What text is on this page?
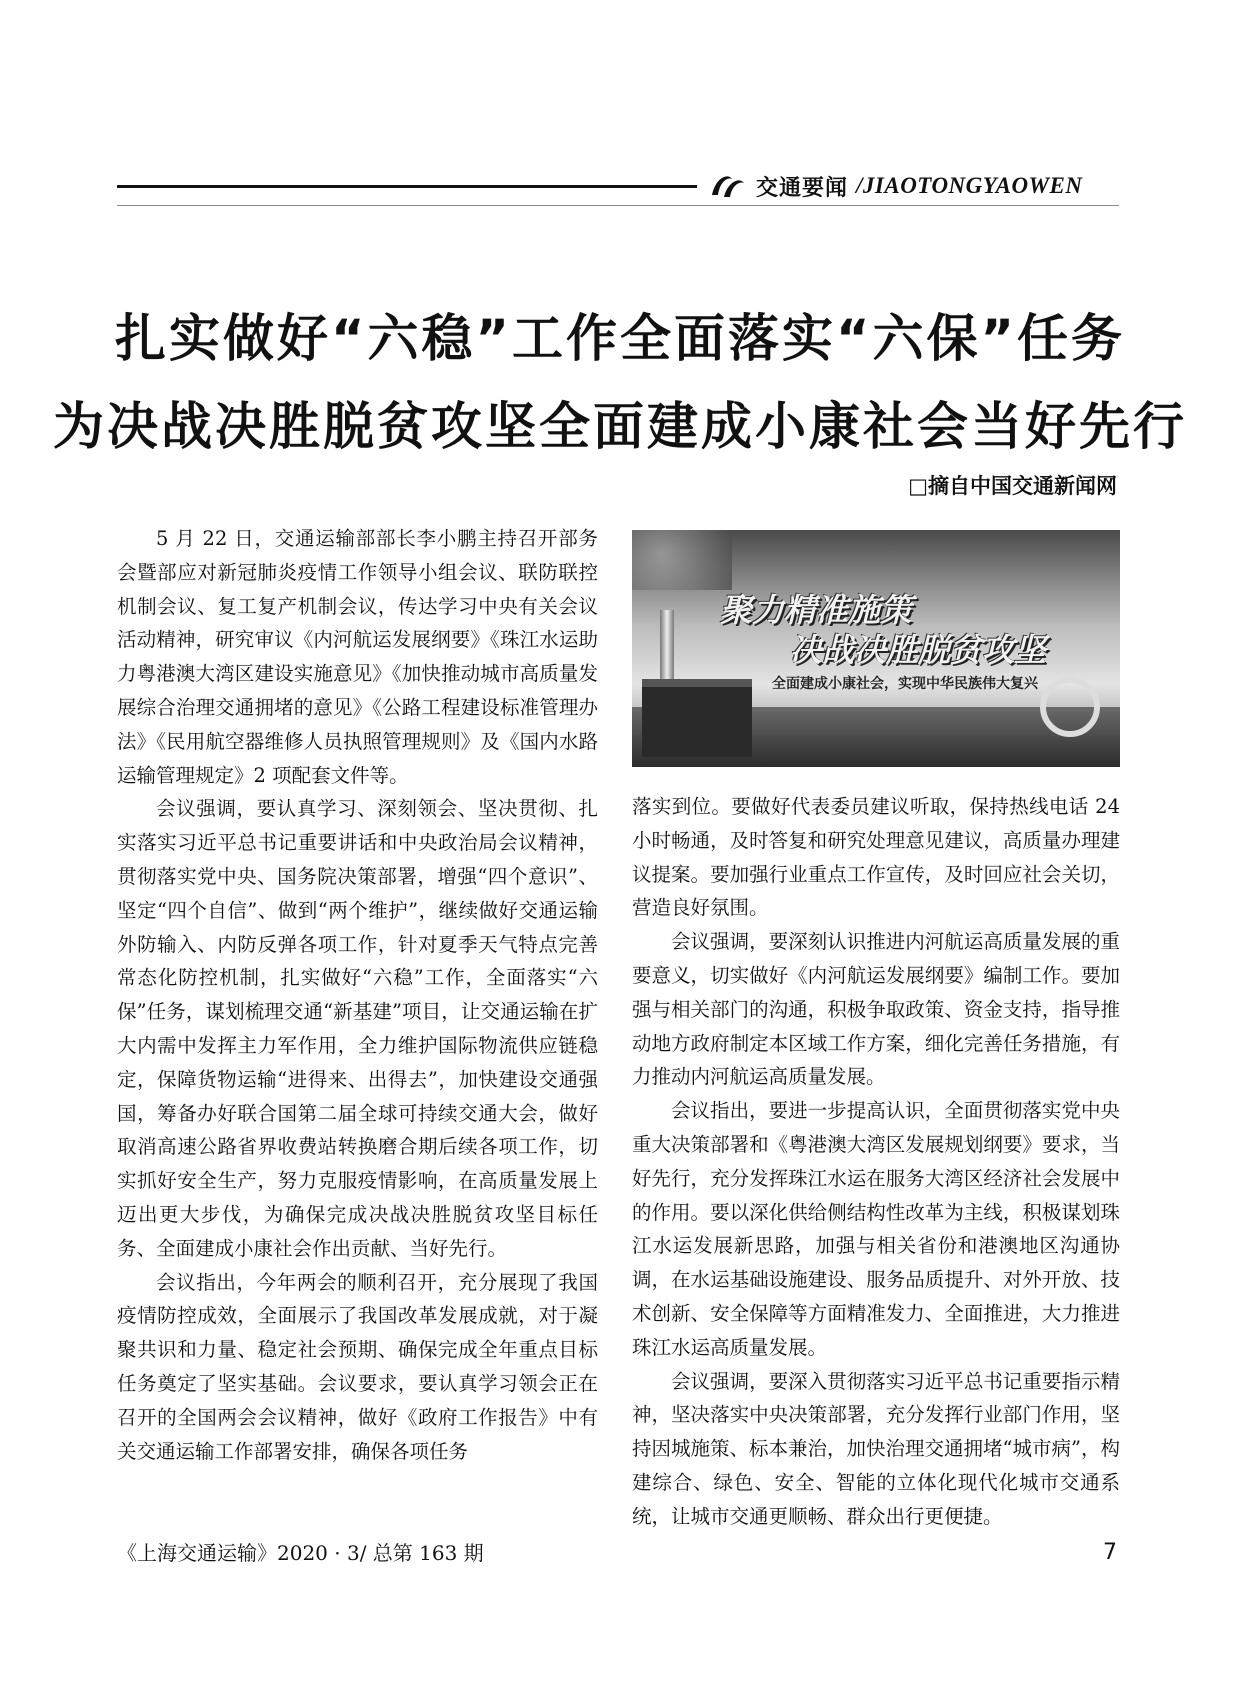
交通要闻 /JIAOTONGYAOWEN
扎实做好“六稳”工作全面落实“六保”任务
为决战决胜脱贫攻坚全面建成小康社会当好先行
□摘自中国交通新闻网

5 月 22 日，交通运输部部长李小鹏主持召开部务会暨部应对新冠肺炎疫情工作领导小组会议、联防联控机制会议、复工复产机制会议，传达学习中央有关会议活动精神，研究审议《内河航运发展纲要》《珠江水运助力粤港澳大湾区建设实施意见》《加快推动城市高质量发展综合治理交通拥堵的意见》《公路工程建设标准管理办法》《民用航空器维修人员执照管理规则》及《国内水路运输管理规定》2 项配套文件等。

会议强调，要认真学习、深刻领会、坚决贯彻、扎实落实习近平总书记重要讲话和中央政治局会议精神，贯彻落实党中央、国务院决策部署，增强“四个意识”、坚定“四个自信”、做到“两个维护”，继续做好交通运输外防输入、内防反弹各项工作，针对夏季天气特点完善常态化防控机制，扎实做好“六稳”工作，全面落实“六保”任务，谋划梳理交通“新基建”项目，让交通运输在扩大内需中发挥主力军作用，全力维护国际物流供应链稳定，保障货物运输“进得来、出得去”，加快建设交通强国，筹备办好联合国第二届全球可持续交通大会，做好取消高速公路省界收费站转换磨合期后续各项工作，切实抓好安全生产，努力克服疫情影响，在高质量发展上迈出更大步伐，为确保完成决战决胜脱贫攻坚目标任务、全面建成小康社会作出贡献、当好先行。

会议指出，今年两会的顺利召开，充分展现了我国疫情防控成效，全面展示了我国改革发展成就，对于凝聚共识和力量、稳定社会预期、确保完成全年重点目标任务奠定了坚实基础。会议要求，要认真学习领会正在召开的全国两会会议精神，做好《政府工作报告》中有关交通运输工作部署安排，确保各项任务

聚力精准施策
决战决胜脱贫攻坚
全面建成小康社会，实现中华民族伟大复兴

落实到位。要做好代表委员建议听取，保持热线电话 24 小时畅通，及时答复和研究处理意见建议，高质量办理建议提案。要加强行业重点工作宣传，及时回应社会关切，营造良好氛围。

会议强调，要深刻认识推进内河航运高质量发展的重要意义，切实做好《内河航运发展纲要》编制工作。要加强与相关部门的沟通，积极争取政策、资金支持，指导推动地方政府制定本区域工作方案，细化完善任务措施，有力推动内河航运高质量发展。

会议指出，要进一步提高认识，全面贯彻落实党中央重大决策部署和《粤港澳大湾区发展规划纲要》要求，当好先行，充分发挥珠江水运在服务大湾区经济社会发展中的作用。要以深化供给侧结构性改革为主线，积极谋划珠江水运发展新思路，加强与相关省份和港澳地区沟通协调，在水运基础设施建设、服务品质提升、对外开放、技术创新、安全保障等方面精准发力、全面推进，大力推进珠江水运高质量发展。

会议强调，要深入贯彻落实习近平总书记重要指示精神，坚决落实中央决策部署，充分发挥行业部门作用，坚持因城施策、标本兼治，加快治理交通拥堵“城市病”，构建综合、绿色、安全、智能的立体化现代化城市交通系统，让城市交通更顺畅、群众出行更便捷。

《上海交通运输》2020 · 3/ 总第 163 期	7
